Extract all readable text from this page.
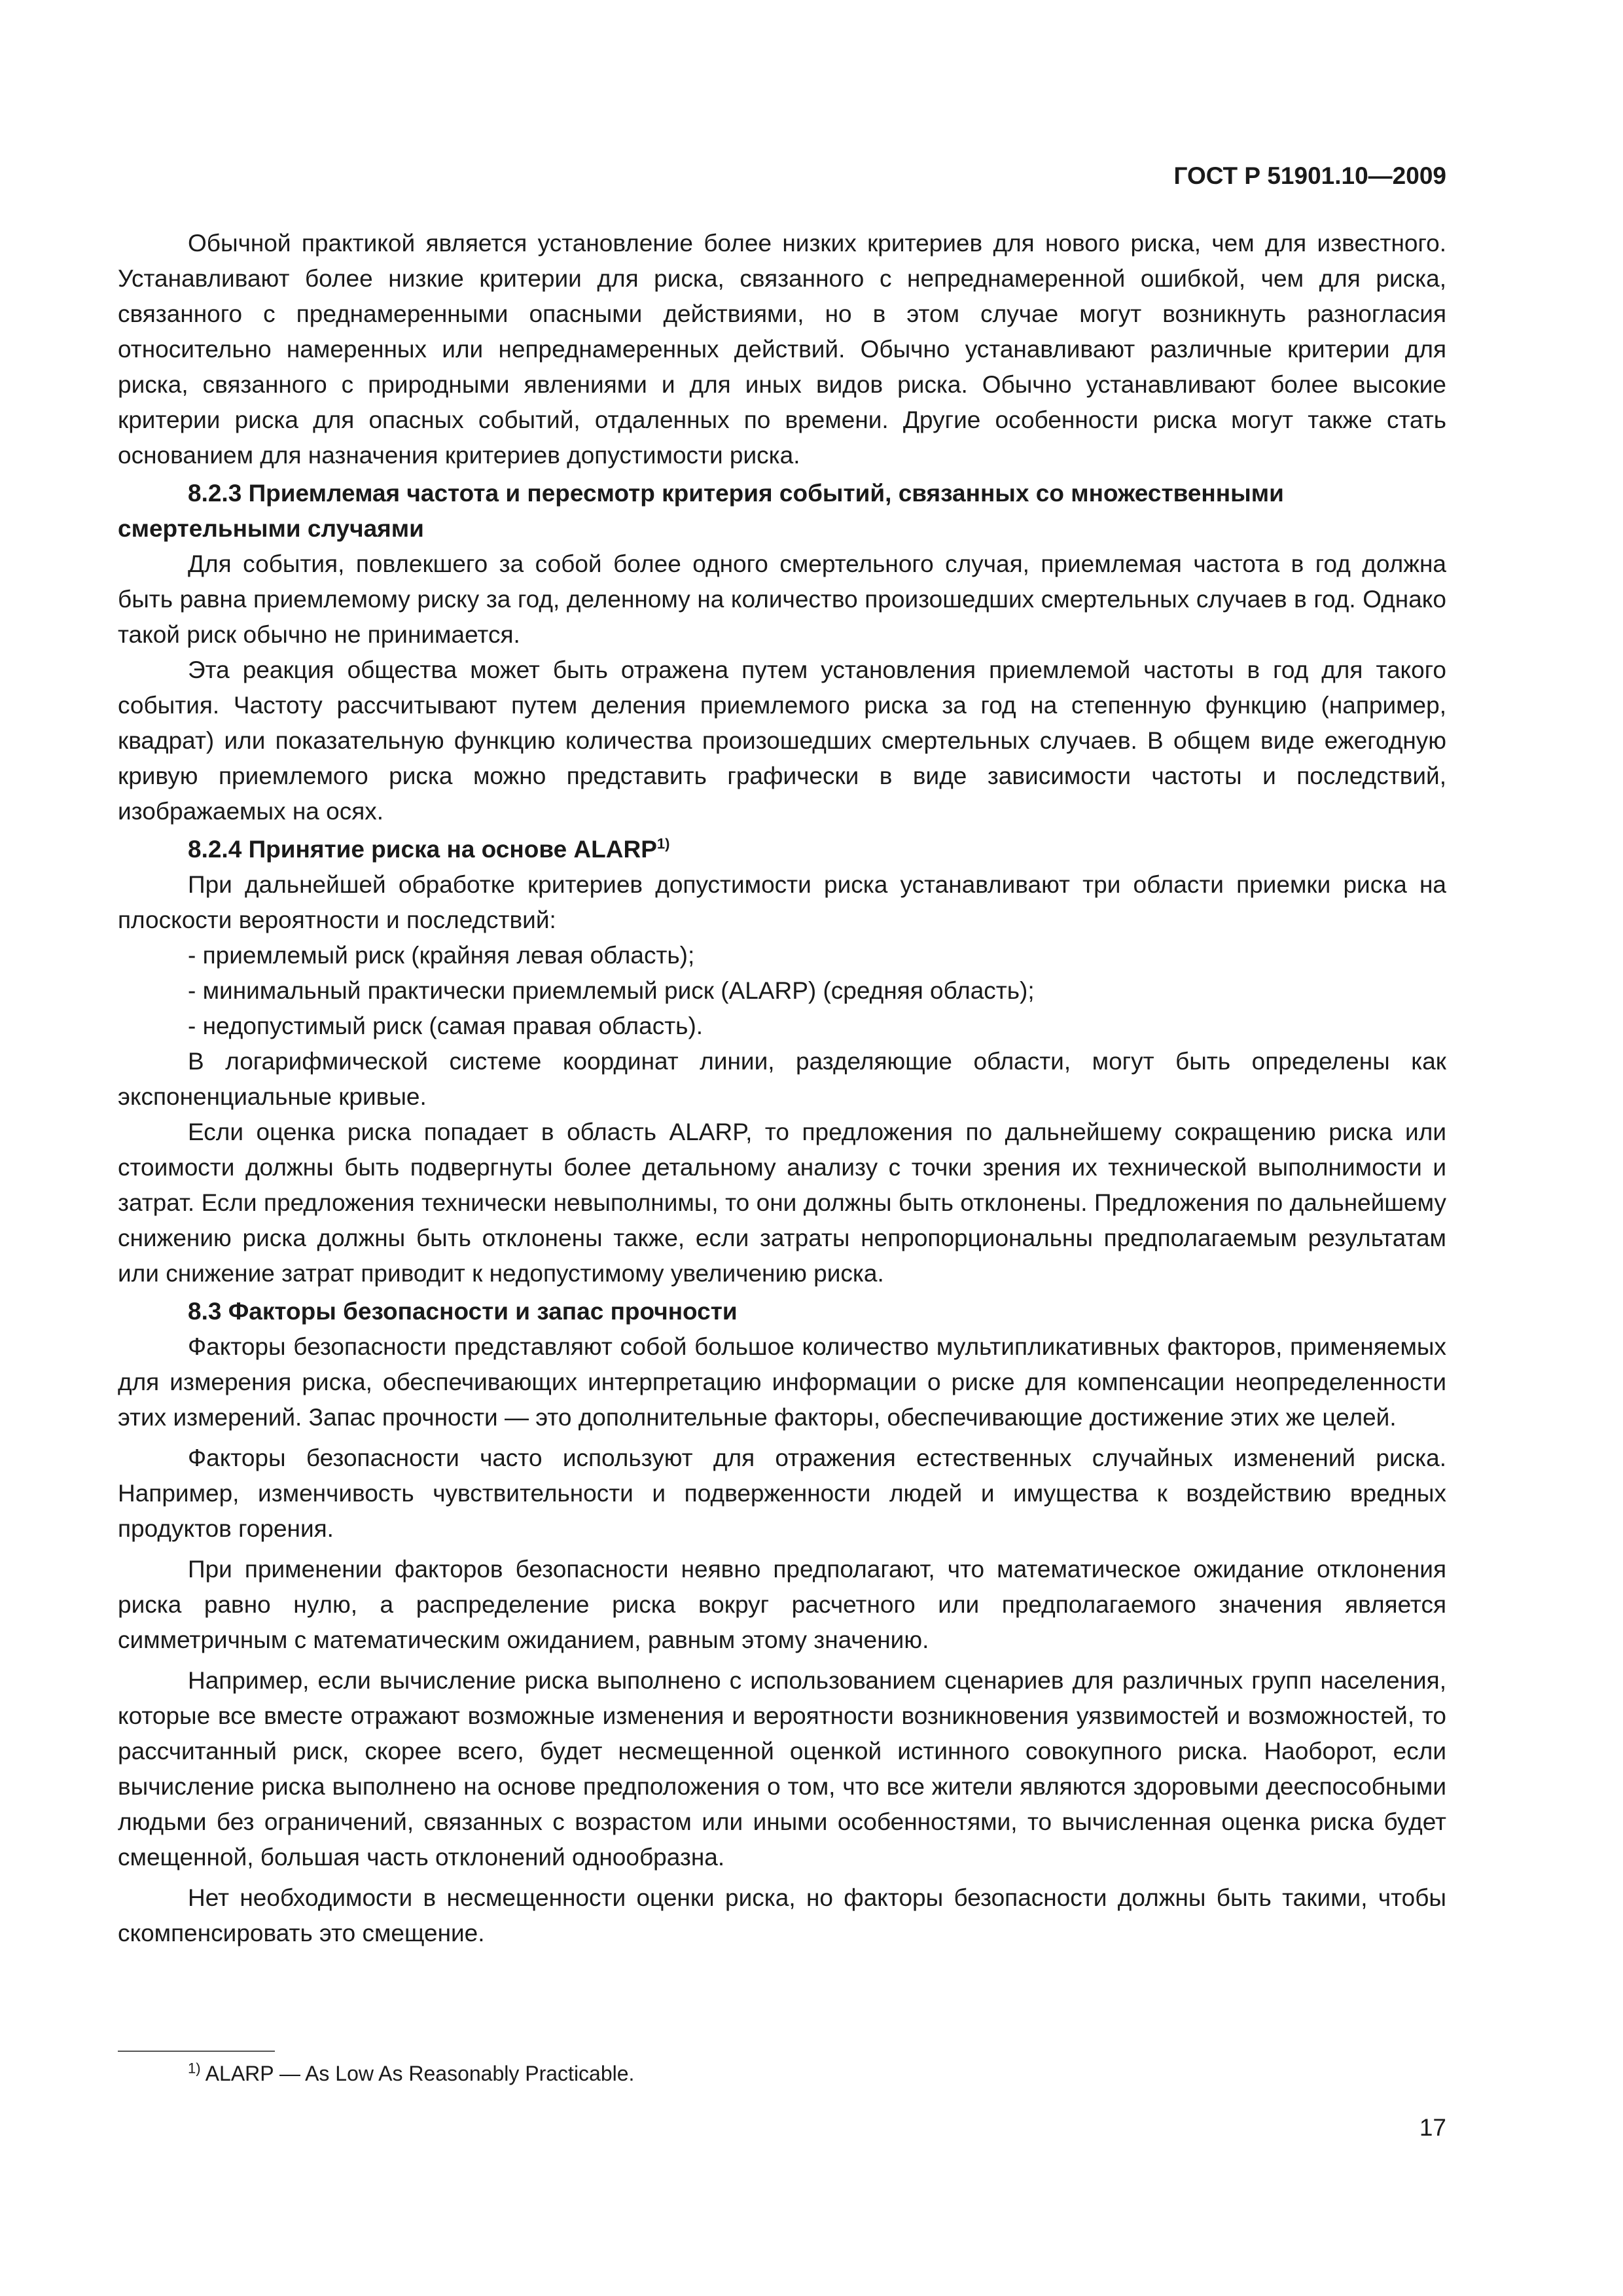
ГОСТ Р 51901.10—2009

Обычной практикой является установление более низких критериев для нового риска, чем для известного. Устанавливают более низкие критерии для риска, связанного с непреднамеренной ошибкой, чем для риска, связанного с преднамеренными опасными действиями, но в этом случае могут возникнуть разногласия относительно намеренных или непреднамеренных действий. Обычно устанавливают различные критерии для риска, связанного с природными явлениями и для иных видов риска. Обычно устанавливают более высокие критерии риска для опасных событий, отдаленных по времени. Другие особенности риска могут также стать основанием для назначения критериев допустимости риска.

8.2.3 Приемлемая частота и пересмотр критерия событий, связанных со множественными смертельными случаями

Для события, повлекшего за собой более одного смертельного случая, приемлемая частота в год должна быть равна приемлемому риску за год, деленному на количество произошедших смертельных случаев в год. Однако такой риск обычно не принимается.

Эта реакция общества может быть отражена путем установления приемлемой частоты в год для такого события. Частоту рассчитывают путем деления приемлемого риска за год на степенную функцию (например, квадрат) или показательную функцию количества произошедших смертельных случаев. В общем виде ежегодную кривую приемлемого риска можно представить графически в виде зависимости частоты и последствий, изображаемых на осях.

8.2.4 Принятие риска на основе ALARP$^{1)}$

При дальнейшей обработке критериев допустимости риска устанавливают три области приемки риска на плоскости вероятности и последствий:

- приемлемый риск (крайняя левая область);

- минимальный практически приемлемый риск (ALARP) (средняя область);

- недопустимый риск (самая правая область).

В логарифмической системе координат линии, разделяющие области, могут быть определены как экспоненциальные кривые.

Если оценка риска попадает в область ALARP, то предложения по дальнейшему сокращению риска или стоимости должны быть подвергнуты более детальному анализу с точки зрения их технической выполнимости и затрат. Если предложения технически невыполнимы, то они должны быть отклонены. Предложения по дальнейшему снижению риска должны быть отклонены также, если затраты непропорциональны предполагаемым результатам или снижение затрат приводит к недопустимому увеличению риска.

8.3 Факторы безопасности и запас прочности

Факторы безопасности представляют собой большое количество мультипликативных факторов, применяемых для измерения риска, обеспечивающих интерпретацию информации о риске для компенсации неопределенности этих измерений. Запас прочности — это дополнительные факторы, обеспечивающие достижение этих же целей.

Факторы безопасности часто используют для отражения естественных случайных изменений риска. Например, изменчивость чувствительности и подверженности людей и имущества к воздействию вредных продуктов горения.

При применении факторов безопасности неявно предполагают, что математическое ожидание отклонения риска равно нулю, а распределение риска вокруг расчетного или предполагаемого значения является симметричным с математическим ожиданием, равным этому значению.

Например, если вычисление риска выполнено с использованием сценариев для различных групп населения, которые все вместе отражают возможные изменения и вероятности возникновения уязвимостей и возможностей, то рассчитанный риск, скорее всего, будет несмещенной оценкой истинного совокупного риска. Наоборот, если вычисление риска выполнено на основе предположения о том, что все жители являются здоровыми дееспособными людьми без ограничений, связанных с возрастом или иными особенностями, то вычисленная оценка риска будет смещенной, большая часть отклонений однообразна.

Нет необходимости в несмещенности оценки риска, но факторы безопасности должны быть такими, чтобы скомпенсировать это смещение.

$^{1)}$ ALARP — As Low As Reasonably Practicable.
17
